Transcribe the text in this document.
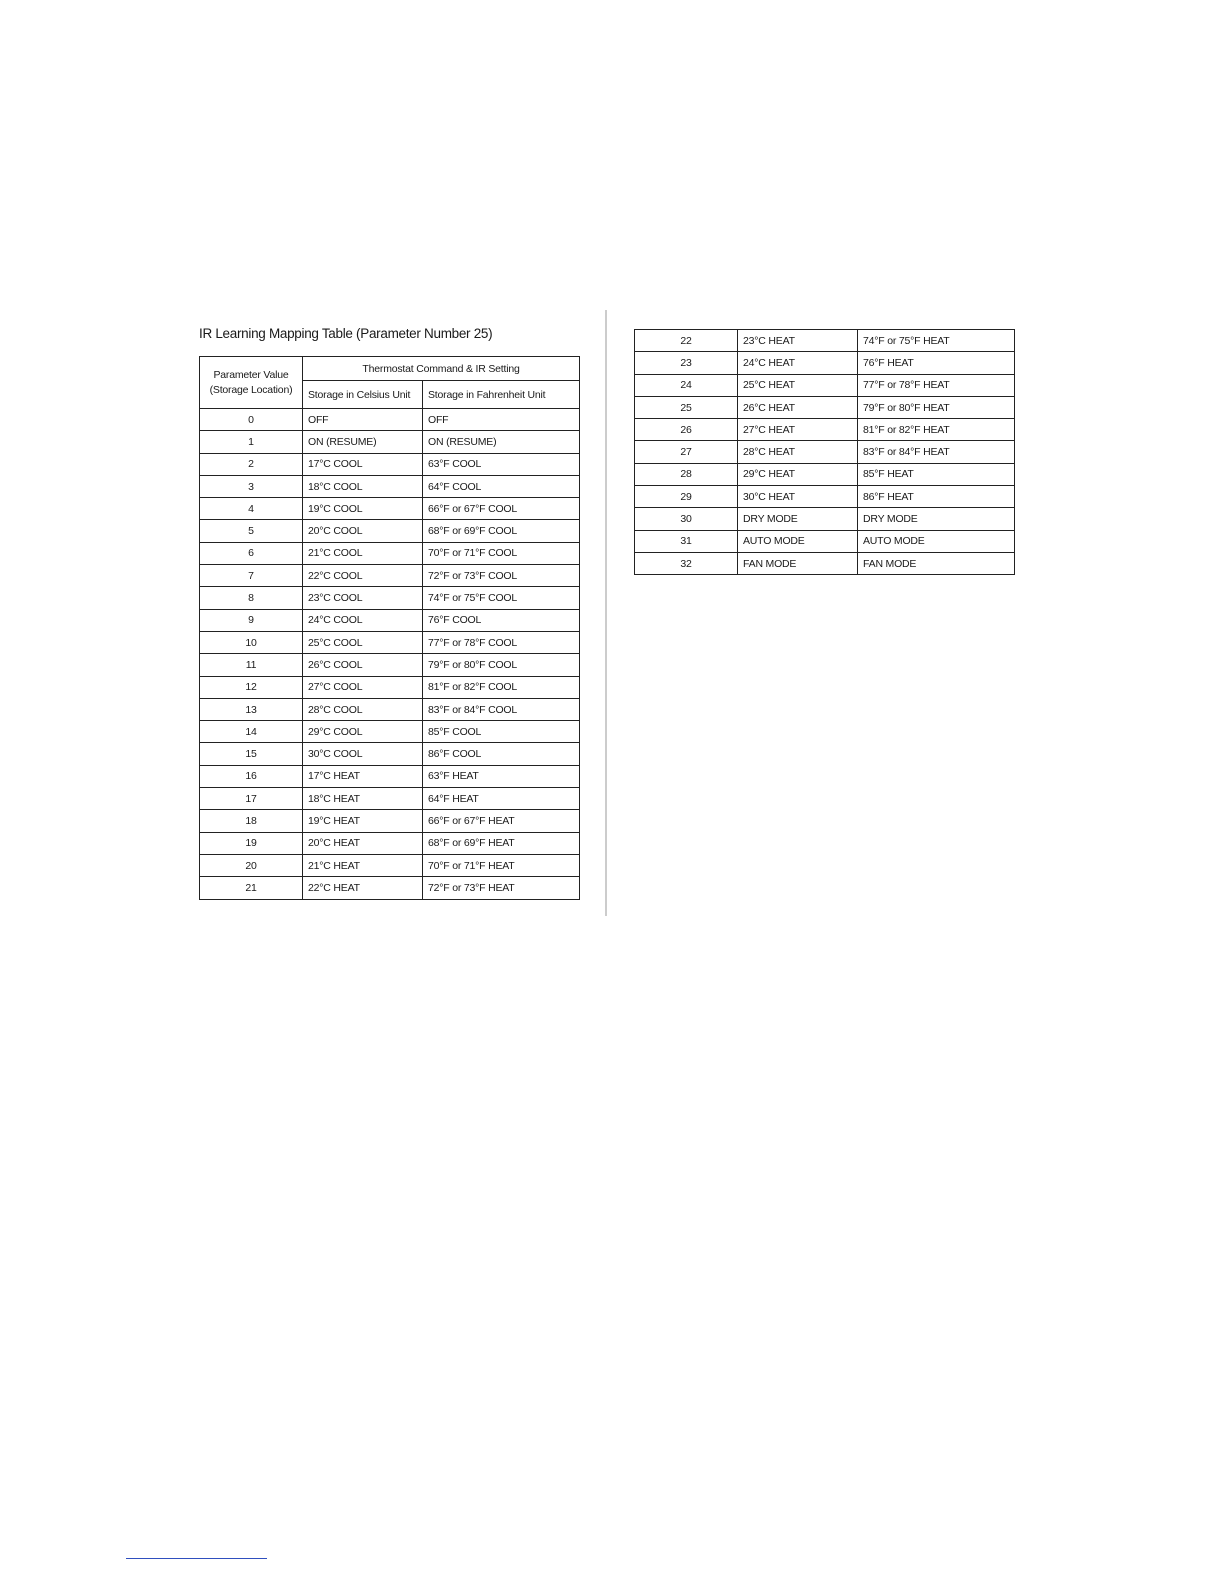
IR Learning Mapping Table (Parameter Number 25)
Parameter Value
(Storage Location)	Thermostat Command & IR Setting	
	Storage in Celsius Unit	Storage in Fahrenheit Unit
0	OFF	OFF
1	ON (RESUME)	ON (RESUME)
2	17°C COOL	63°F COOL
3	18°C COOL	64°F COOL
4	19°C COOL	66°F or 67°F COOL
5	20°C COOL	68°F or 69°F COOL
6	21°C COOL	70°F or 71°F COOL
7	22°C COOL	72°F or 73°F COOL
8	23°C COOL	74°F or 75°F COOL
9	24°C COOL	76°F COOL
10	25°C COOL	77°F or 78°F COOL
11	26°C COOL	79°F or 80°F COOL
12	27°C COOL	81°F or 82°F COOL
13	28°C COOL	83°F or 84°F COOL
14	29°C COOL	85°F COOL
15	30°C COOL	86°F COOL
16	17°C HEAT	63°F HEAT
17	18°C HEAT	64°F HEAT
18	19°C HEAT	66°F or 67°F HEAT
19	20°C HEAT	68°F or 69°F HEAT
20	21°C HEAT	70°F or 71°F HEAT
21	22°C HEAT	72°F or 73°F HEAT
22	23°C HEAT	74°F or 75°F HEAT
23	24°C HEAT	76°F HEAT
24	25°C HEAT	77°F or 78°F HEAT
25	26°C HEAT	79°F or 80°F HEAT
26	27°C HEAT	81°F or 82°F HEAT
27	28°C HEAT	83°F or 84°F HEAT
28	29°C HEAT	85°F HEAT
29	30°C HEAT	86°F HEAT
30	DRY MODE	DRY MODE
31	AUTO MODE	AUTO MODE
32	FAN MODE	FAN MODE
